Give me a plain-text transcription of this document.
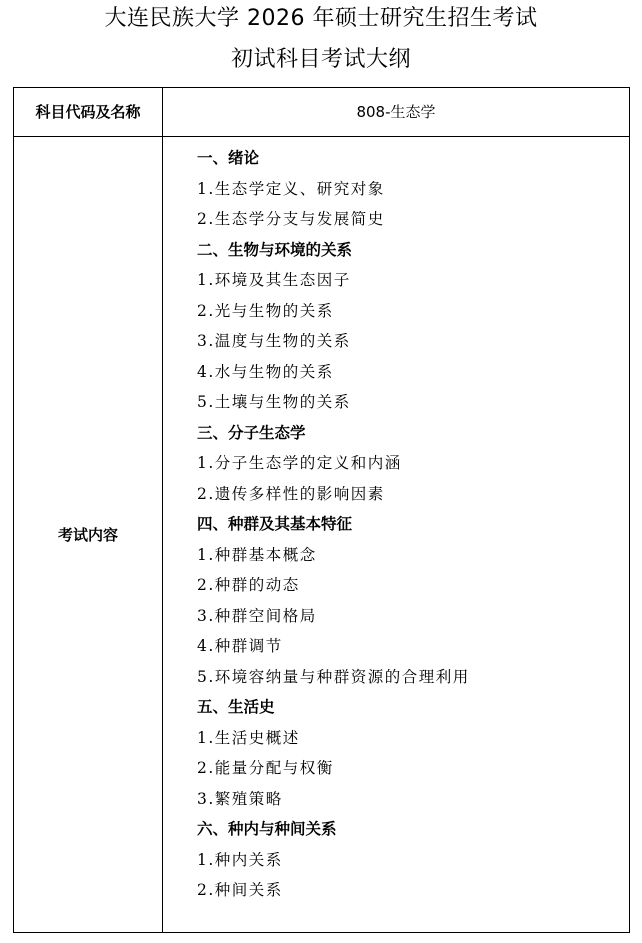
大连民族大学 2026 年硕士研究生招生考试
初试科目考试大纲
科目代码及名称	808-生态学
考试内容
一、绪论
1.生态学定义、研究对象
2.生态学分支与发展简史
二、生物与环境的关系
1.环境及其生态因子
2.光与生物的关系
3.温度与生物的关系
4.水与生物的关系
5.土壤与生物的关系
三、分子生态学
1.分子生态学的定义和内涵
2.遗传多样性的影响因素
四、种群及其基本特征
1.种群基本概念
2.种群的动态
3.种群空间格局
4.种群调节
5.环境容纳量与种群资源的合理利用
五、生活史
1.生活史概述
2.能量分配与权衡
3.繁殖策略
六、种内与种间关系
1.种内关系
2.种间关系
